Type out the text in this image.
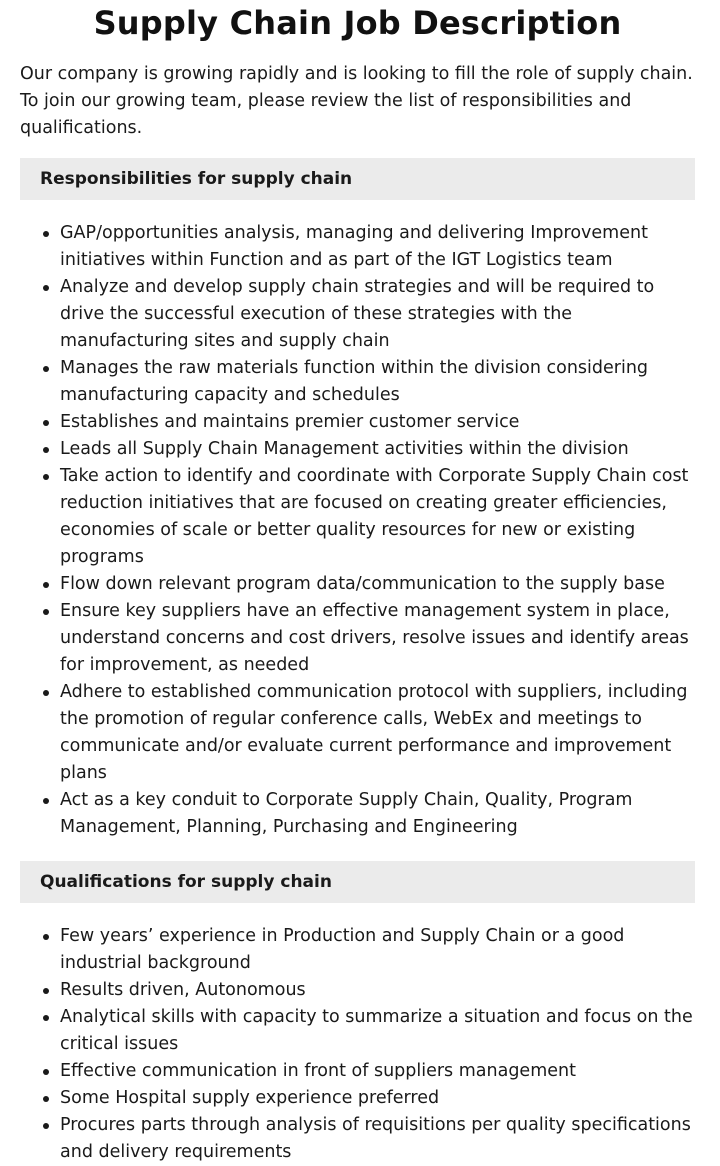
Supply Chain Job Description

Our company is growing rapidly and is looking to fill the role of supply chain. To join our growing team, please review the list of responsibilities and qualifications.

Responsibilities for supply chain
GAP/opportunities analysis, managing and delivering Improvement initiatives within Function and as part of the IGT Logistics team
Analyze and develop supply chain strategies and will be required to drive the successful execution of these strategies with the manufacturing sites and supply chain
Manages the raw materials function within the division considering manufacturing capacity and schedules
Establishes and maintains premier customer service
Leads all Supply Chain Management activities within the division
Take action to identify and coordinate with Corporate Supply Chain cost reduction initiatives that are focused on creating greater efficiencies, economies of scale or better quality resources for new or existing programs
Flow down relevant program data/communication to the supply base
Ensure key suppliers have an effective management system in place, understand concerns and cost drivers, resolve issues and identify areas for improvement, as needed
Adhere to established communication protocol with suppliers, including the promotion of regular conference calls, WebEx and meetings to communicate and/or evaluate current performance and improvement plans
Act as a key conduit to Corporate Supply Chain, Quality, Program Management, Planning, Purchasing and Engineering
Qualifications for supply chain
Few years’ experience in Production and Supply Chain or a good industrial background
Results driven, Autonomous
Analytical skills with capacity to summarize a situation and focus on the critical issues
Effective communication in front of suppliers management
Some Hospital supply experience preferred
Procures parts through analysis of requisitions per quality specifications and delivery requirements
